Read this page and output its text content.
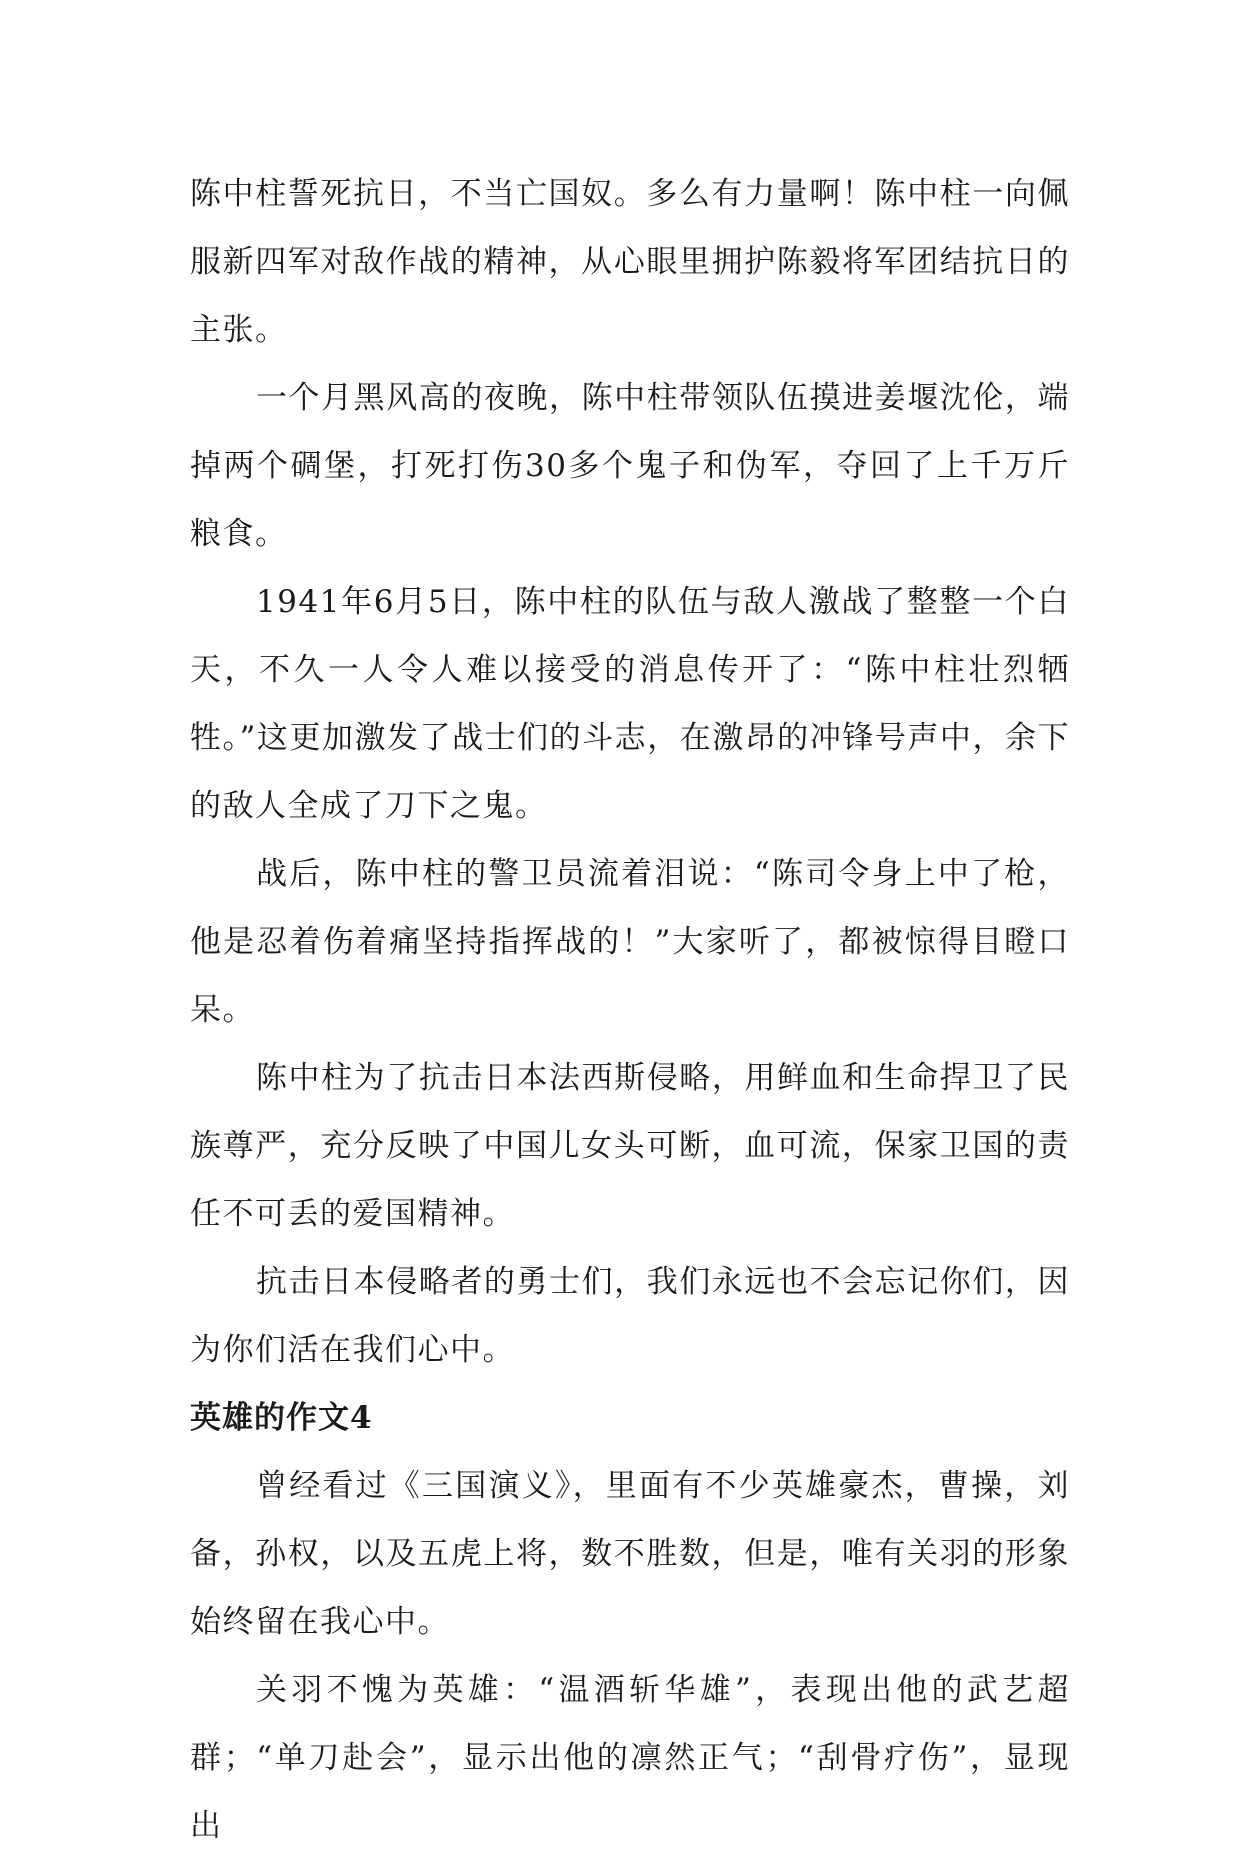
陈中柱誓死抗日，不当亡国奴。多么有力量啊！陈中柱一向佩服新四军对敌作战的精神，从心眼里拥护陈毅将军团结抗日的主张。

一个月黑风高的夜晚，陈中柱带领队伍摸进姜堰沈伦，端掉两个碉堡，打死打伤30多个鬼子和伪军，夺回了上千万斤粮食。

1941年6月5日，陈中柱的队伍与敌人激战了整整一个白天，不久一人令人难以接受的消息传开了：“陈中柱壮烈牺牲。”这更加激发了战士们的斗志，在激昂的冲锋号声中，余下的敌人全成了刀下之鬼。

战后，陈中柱的警卫员流着泪说：“陈司令身上中了枪，他是忍着伤着痛坚持指挥战的！”大家听了，都被惊得目瞪口呆。

陈中柱为了抗击日本法西斯侵略，用鲜血和生命捍卫了民族尊严，充分反映了中国儿女头可断，血可流，保家卫国的责任不可丢的爱国精神。

抗击日本侵略者的勇士们，我们永远也不会忘记你们，因为你们活在我们心中。

英雄的作文4

曾经看过《三国演义》，里面有不少英雄豪杰，曹操，刘备，孙权，以及五虎上将，数不胜数，但是，唯有关羽的形象始终留在我心中。

关羽不愧为英雄：“温酒斩华雄”，表现出他的武艺超群；“单刀赴会”，显示出他的凛然正气；“刮骨疗伤”，显现出
